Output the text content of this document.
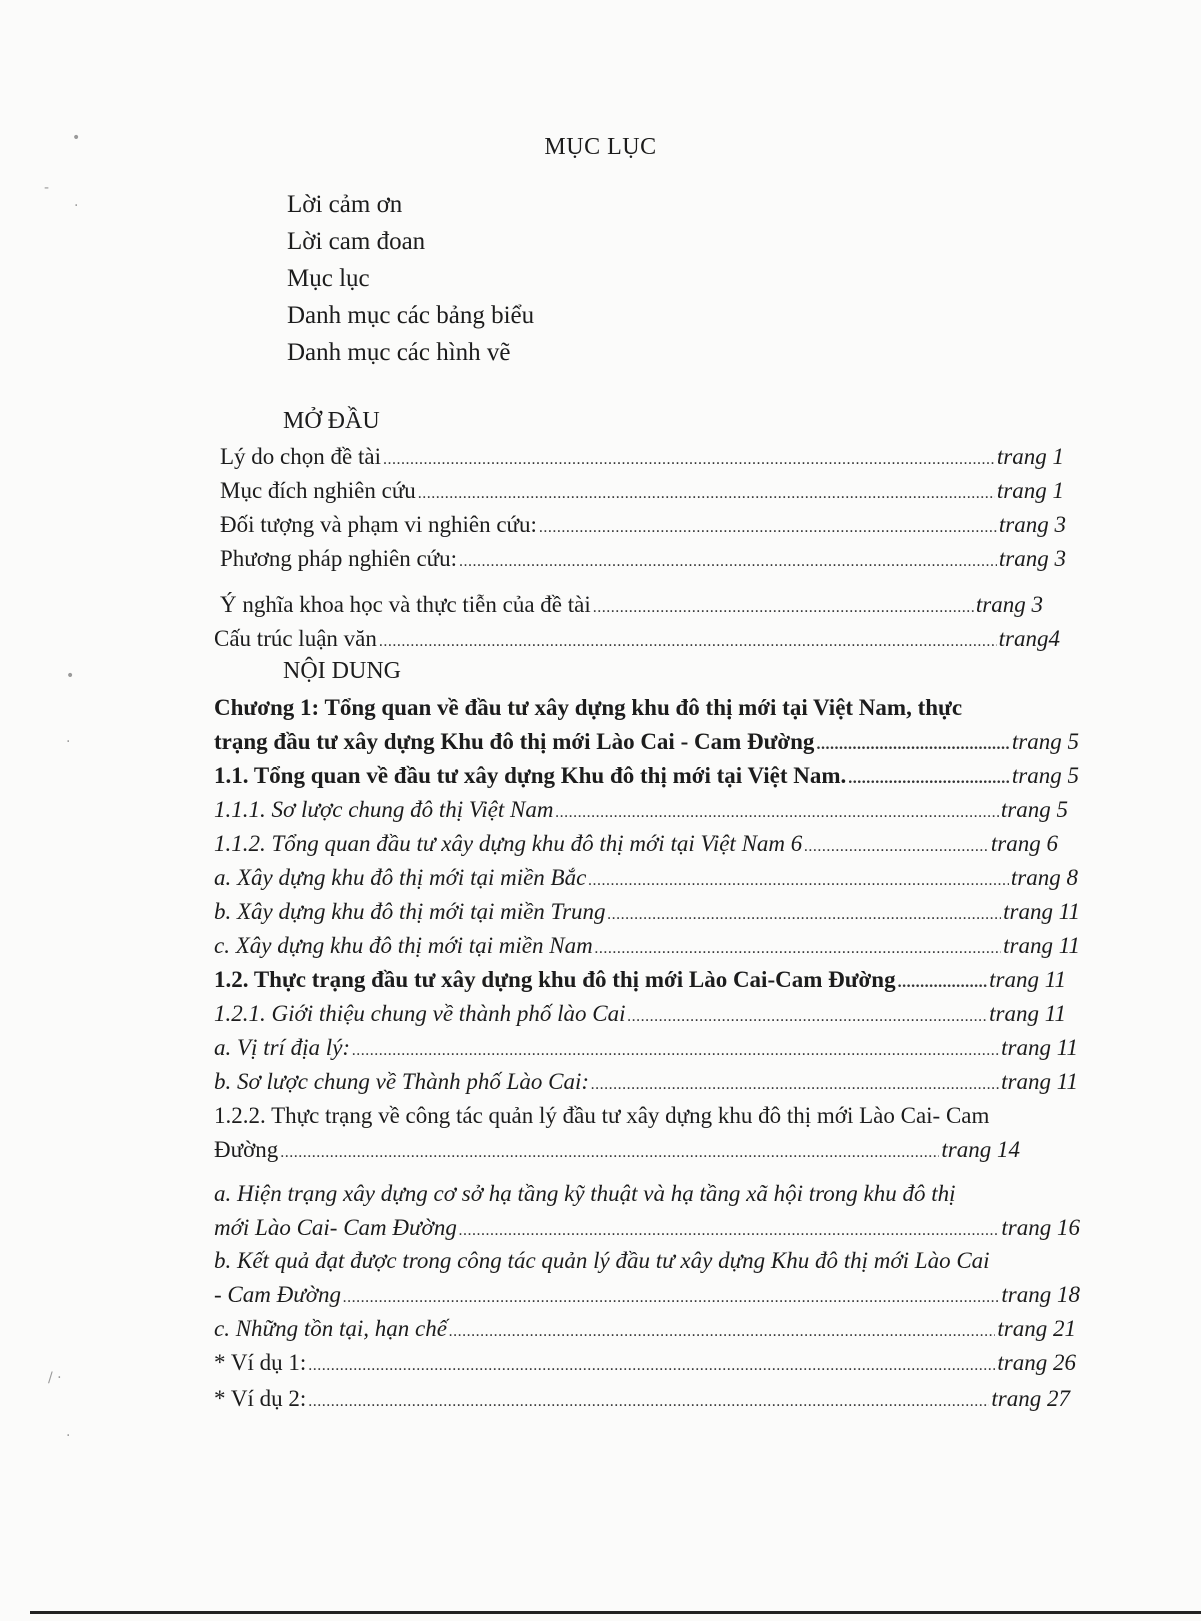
•
-
·
•
·
/ ·
·
MỤC LỤC
Lời cảm ơn
Lời cam đoan
Mục lục
Danh mục các bảng biểu
Danh mục các hình vẽ
MỞ ĐẦU
Lý do chọn đề tài .....	trang 1
Mục đích nghiên cứu .....	trang 1
Đối tượng và phạm vi nghiên cứu: .....	trang 3
Phương pháp nghiên cứu: .....	trang 3
Ý nghĩa khoa học và thực tiễn của đề tài .....	trang 3
Cấu trúc luận văn .....	trang4
NỘI DUNG
Chương 1: Tổng quan về đầu tư xây dựng khu đô thị mới tại Việt Nam, thực
trạng đầu tư xây dựng Khu đô thị mới Lào Cai - Cam Đường .....	trang 5
1.1. Tổng quan về đầu tư xây dựng Khu đô thị mới tại Việt Nam. .....	trang 5
1.1.1. Sơ lược chung đô thị Việt Nam .....	trang 5
1.1.2. Tổng quan đầu tư xây dựng khu đô thị mới tại Việt Nam 6 .....	trang 6
a. Xây dựng khu đô thị mới tại miền Bắc .....	trang 8
b. Xây dựng khu đô thị mới tại miền Trung .....	trang 11
c. Xây dựng khu đô thị mới tại miền Nam .....	trang 11
1.2. Thực trạng đầu tư xây dựng khu đô thị mới Lào Cai-Cam Đường .....	trang 11
1.2.1. Giới thiệu chung về thành phố lào Cai .....	trang 11
a. Vị trí địa lý: .....	trang 11
b. Sơ lược chung về Thành phố Lào Cai: .....	trang 11
1.2.2. Thực trạng về công tác quản lý đầu tư xây dựng khu đô thị mới Lào Cai- Cam
Đường .....	trang 14
a. Hiện trạng xây dựng cơ sở hạ tầng kỹ thuật và hạ tầng xã hội trong khu đô thị
mới Lào Cai- Cam Đường .....	trang 16
b. Kết quả đạt được trong công tác quản lý đầu tư xây dựng Khu đô thị mới Lào Cai
- Cam Đường .....	trang 18
c. Những tồn tại, hạn chế .....	trang 21
* Ví dụ 1: .....	trang 26
* Ví dụ 2: .....	trang 27
